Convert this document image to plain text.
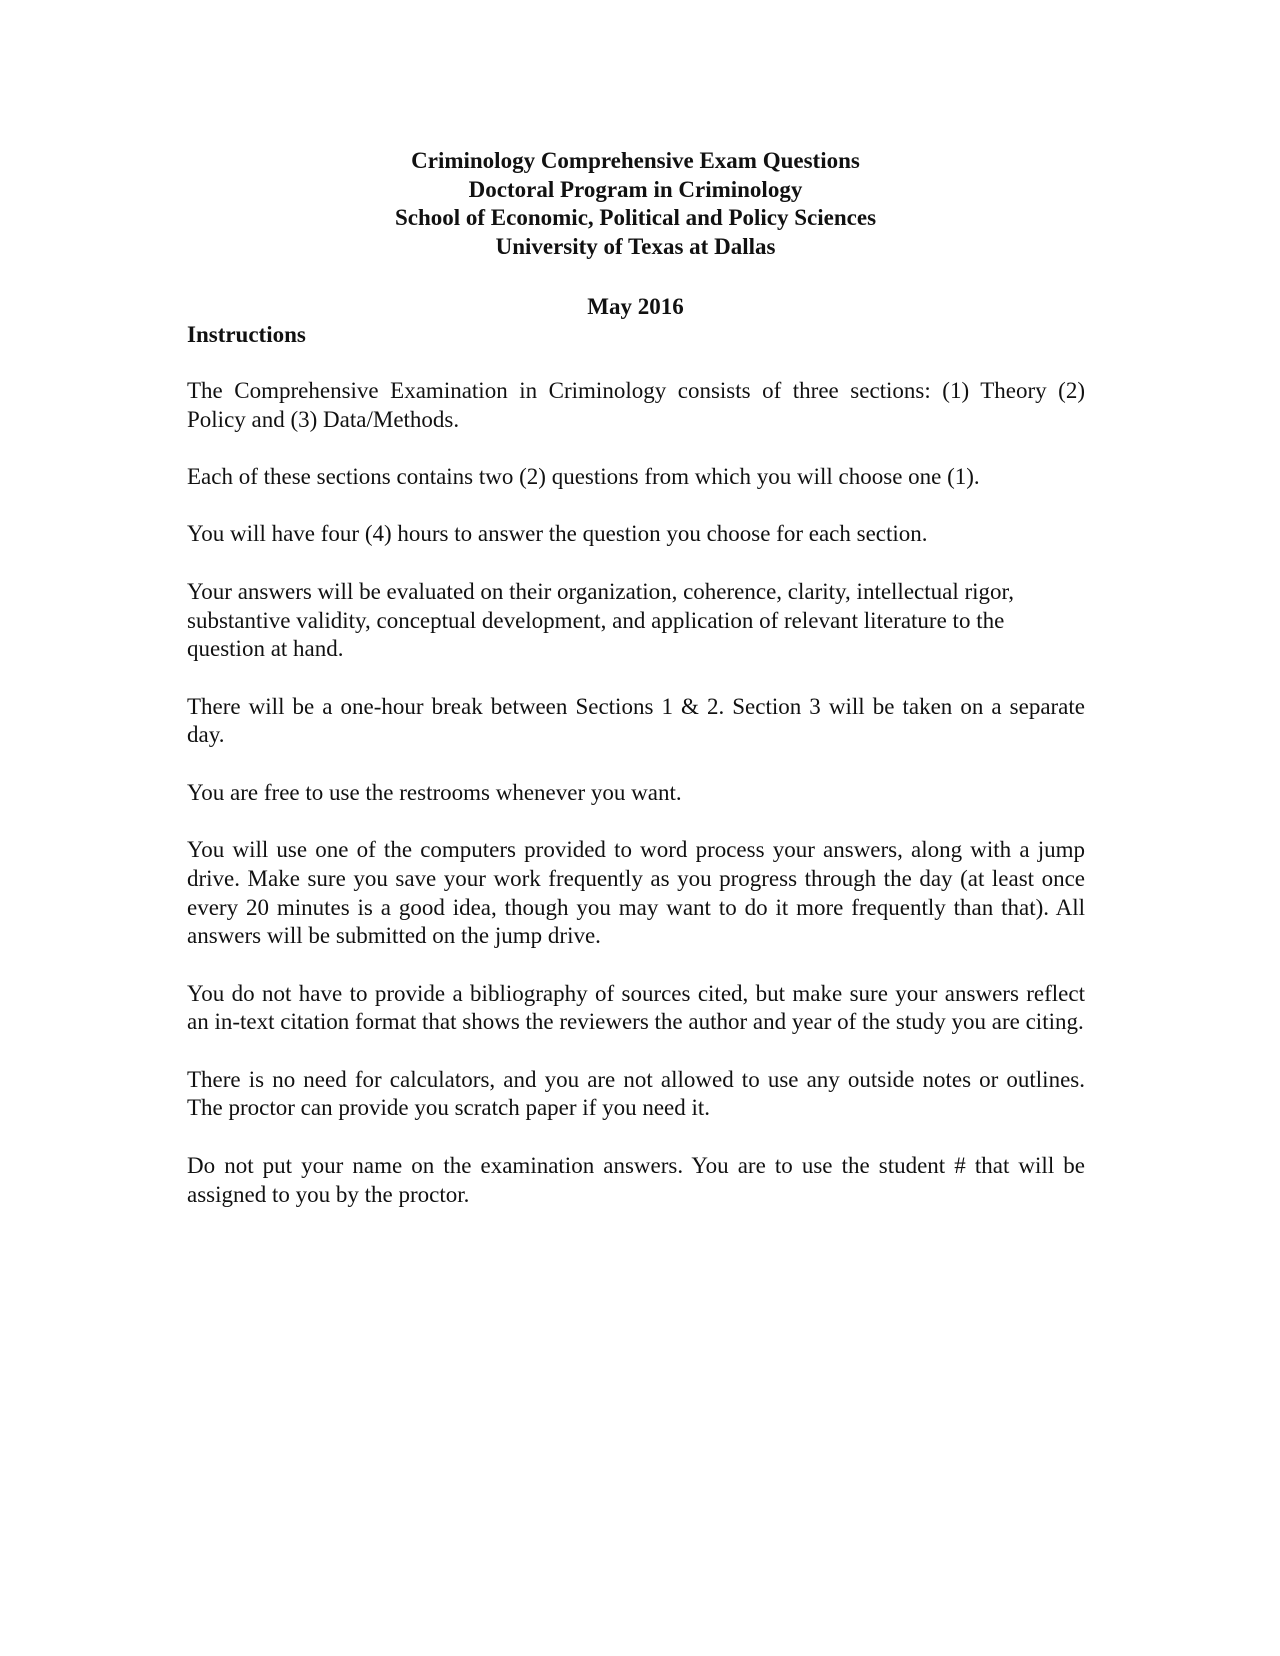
Criminology Comprehensive Exam Questions
Doctoral Program in Criminology
School of Economic, Political and Policy Sciences
University of Texas at Dallas
May 2016
Instructions

The Comprehensive Examination in Criminology consists of three sections: (1) Theory (2) Policy and (3) Data/Methods.

Each of these sections contains two (2) questions from which you will choose one (1).

You will have four (4) hours to answer the question you choose for each section.

Your answers will be evaluated on their organization, coherence, clarity, intellectual rigor, substantive validity, conceptual development, and application of relevant literature to the question at hand.

There will be a one-hour break between Sections 1 & 2. Section 3 will be taken on a separate day.

You are free to use the restrooms whenever you want.

You will use one of the computers provided to word process your answers, along with a jump drive. Make sure you save your work frequently as you progress through the day (at least once every 20 minutes is a good idea, though you may want to do it more frequently than that). All answers will be submitted on the jump drive.

You do not have to provide a bibliography of sources cited, but make sure your answers reflect an in-text citation format that shows the reviewers the author and year of the study you are citing.

There is no need for calculators, and you are not allowed to use any outside notes or outlines. The proctor can provide you scratch paper if you need it.

Do not put your name on the examination answers. You are to use the student # that will be assigned to you by the proctor.
